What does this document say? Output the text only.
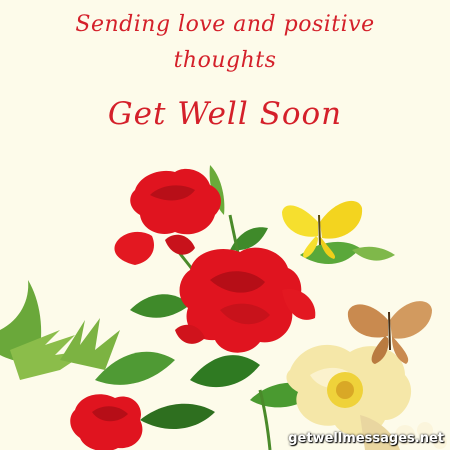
Sending love and positive
thoughts
Get Well Soon
getwellmessages.net
